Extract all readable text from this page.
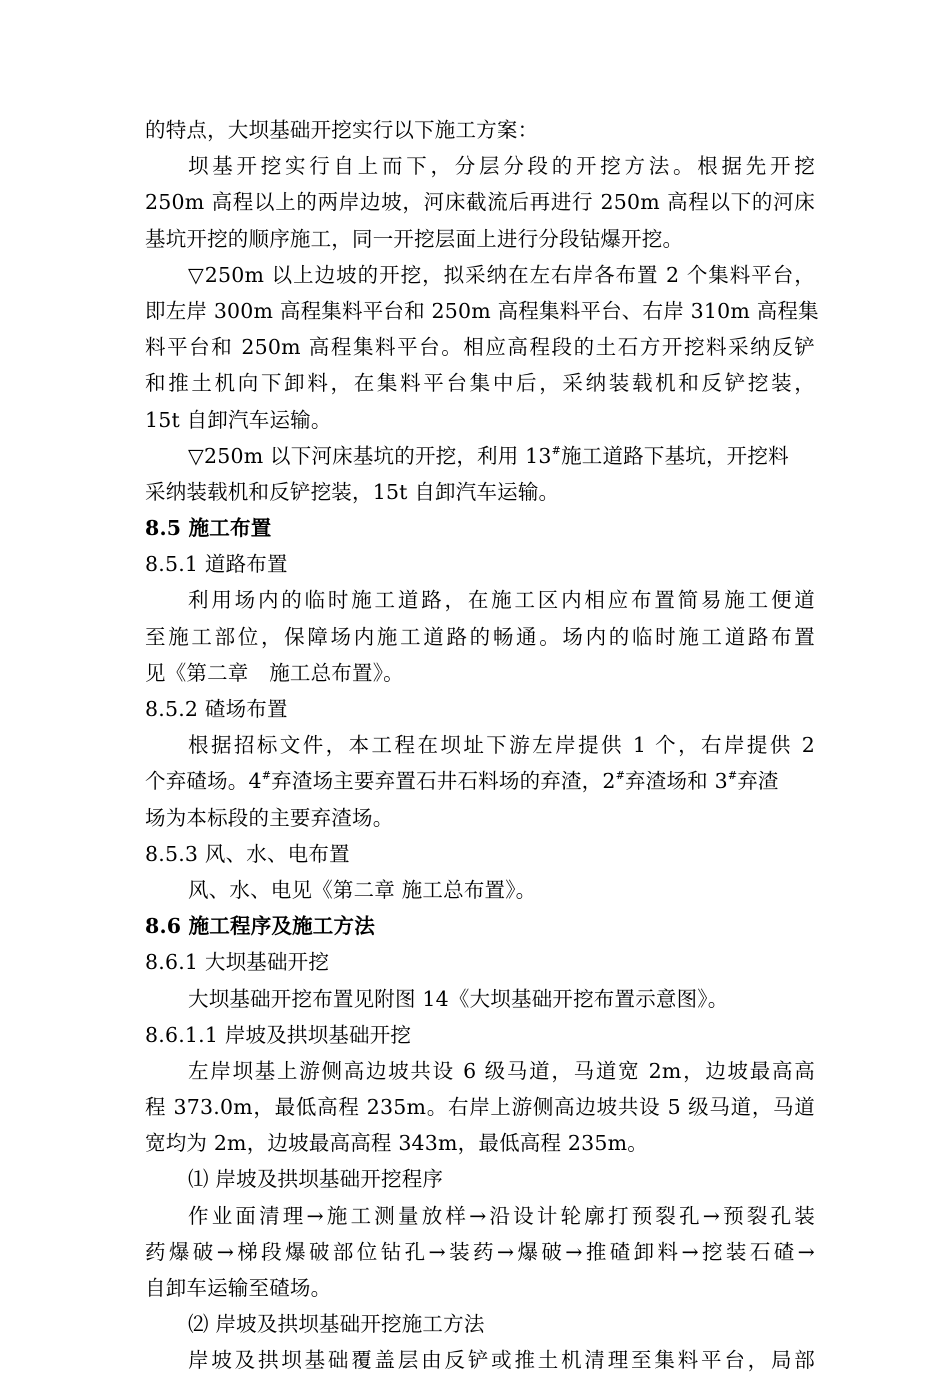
的特点，大坝基础开挖实行以下施工方案：
坝基开挖实行自上而下，分层分段的开挖方法。根据先开挖
250m 高程以上的两岸边坡，河床截流后再进行 250m 高程以下的河床
基坑开挖的顺序施工，同一开挖层面上进行分段钻爆开挖。
▽250m 以上边坡的开挖，拟采纳在左右岸各布置 2 个集料平台，
即左岸 300m 高程集料平台和 250m 高程集料平台、右岸 310m 高程集
料平台和 250m 高程集料平台。相应高程段的土石方开挖料采纳反铲
和推土机向下卸料，在集料平台集中后，采纳装载机和反铲挖装，
15t 自卸汽车运输。
▽250m 以下河床基坑的开挖，利用 13#施工道路下基坑，开挖料
采纳装载机和反铲挖装，15t 自卸汽车运输。
8.5 施工布置
8.5.1 道路布置
利用场内的临时施工道路，在施工区内相应布置简易施工便道
至施工部位，保障场内施工道路的畅通。场内的临时施工道路布置
见《第二章　施工总布置》。
8.5.2 碴场布置
根据招标文件，本工程在坝址下游左岸提供 1 个，右岸提供 2
个弃碴场。4#弃渣场主要弃置石井石料场的弃渣，2#弃渣场和 3#弃渣
场为本标段的主要弃渣场。
8.5.3 风、水、电布置
风、水、电见《第二章 施工总布置》。
8.6 施工程序及施工方法
8.6.1 大坝基础开挖
大坝基础开挖布置见附图 14《大坝基础开挖布置示意图》。
8.6.1.1 岸坡及拱坝基础开挖
左岸坝基上游侧高边坡共设 6 级马道，马道宽 2m，边坡最高高
程 373.0m，最低高程 235m。右岸上游侧高边坡共设 5 级马道，马道
宽均为 2m，边坡最高高程 343m，最低高程 235m。
⑴ 岸坡及拱坝基础开挖程序
作业面清理→施工测量放样→沿设计轮廓打预裂孔→预裂孔装
药爆破→梯段爆破部位钻孔→装药→爆破→推碴卸料→挖装石碴→
自卸车运输至碴场。
⑵ 岸坡及拱坝基础开挖施工方法
岸坡及拱坝基础覆盖层由反铲或推土机清理至集料平台，局部
